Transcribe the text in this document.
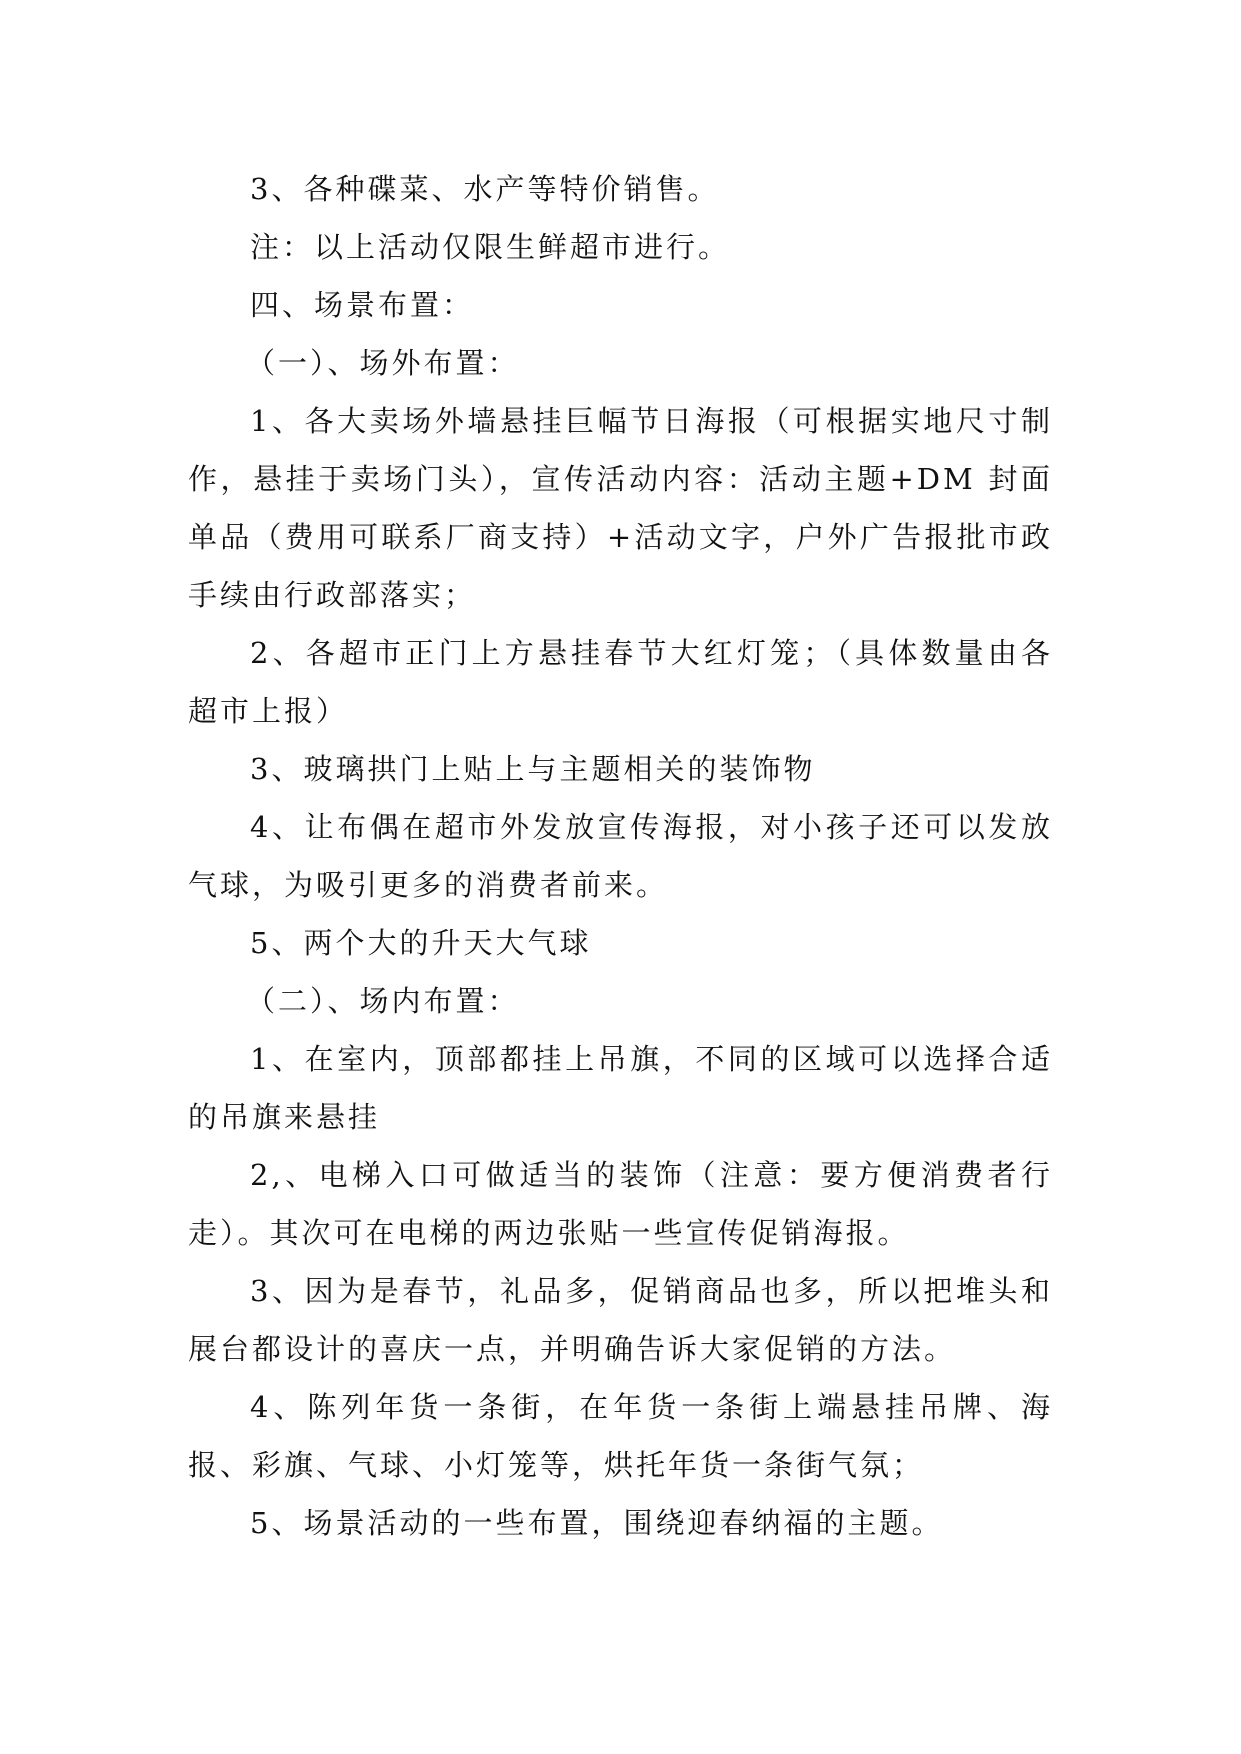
3、各种碟菜、水产等特价销售。

注：以上活动仅限生鲜超市进行。

四、场景布置：

（一）、场外布置：

1、各大卖场外墙悬挂巨幅节日海报（可根据实地尺寸制作，悬挂于卖场门头），宣传活动内容：活动主题+DM 封面单品（费用可联系厂商支持）+活动文字，户外广告报批市政手续由行政部落实；

2、各超市正门上方悬挂春节大红灯笼；（具体数量由各超市上报）

3、玻璃拱门上贴上与主题相关的装饰物

4、让布偶在超市外发放宣传海报，对小孩子还可以发放气球，为吸引更多的消费者前来。

5、两个大的升天大气球

（二）、场内布置：

1、在室内，顶部都挂上吊旗，不同的区域可以选择合适的吊旗来悬挂

2,、电梯入口可做适当的装饰（注意：要方便消费者行走）。其次可在电梯的两边张贴一些宣传促销海报。

3、因为是春节，礼品多，促销商品也多，所以把堆头和展台都设计的喜庆一点，并明确告诉大家促销的方法。

4、陈列年货一条街，在年货一条街上端悬挂吊牌、海报、彩旗、气球、小灯笼等，烘托年货一条街气氛；

5、场景活动的一些布置，围绕迎春纳福的主题。
